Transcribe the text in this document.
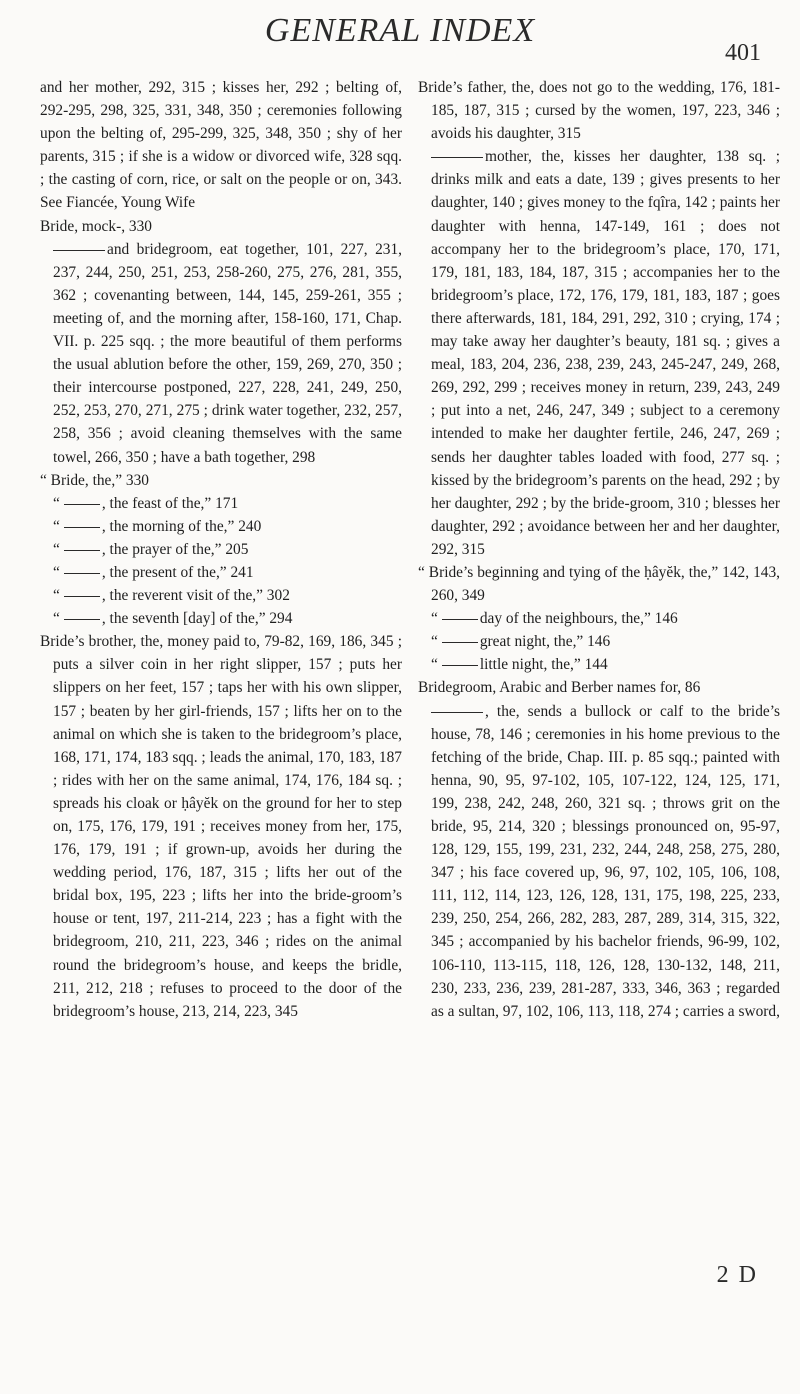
GENERAL INDEX
401

and her mother, 292, 315 ; kisses her, 292 ; belting of, 292-295, 298, 325, 331, 348, 350 ; ceremonies following upon the belting of, 295-299, 325, 348, 350 ; shy of her parents, 315 ; if she is a widow or divorced wife, 328 sqq. ; the casting of corn, rice, or salt on the people or on, 343. See Fiancée, Young Wife

Bride, mock-, 330

and bridegroom, eat together, 101, 227, 231, 237, 244, 250, 251, 253, 258-260, 275, 276, 281, 355, 362 ; covenanting between, 144, 145, 259-261, 355 ; meeting of, and the morning after, 158-160, 171, Chap. VII. p. 225 sqq. ; the more beautiful of them performs the usual ablution before the other, 159, 269, 270, 350 ; their intercourse postponed, 227, 228, 241, 249, 250, 252, 253, 270, 271, 275 ; drink water together, 232, 257, 258, 356 ; avoid cleaning themselves with the same towel, 266, 350 ; have a bath together, 298

“ Bride, the,” 330

“	, the feast of the,” 171

“	, the morning of the,” 240

“	, the prayer of the,” 205

“	, the present of the,” 241

“	, the reverent visit of the,” 302

“	, the seventh [day] of the,” 294

Bride’s brother, the, money paid to, 79-82, 169, 186, 345 ; puts a silver coin in her right slipper, 157 ; puts her slippers on her feet, 157 ; taps her with his own slipper, 157 ; beaten by her girl-friends, 157 ; lifts her on to the animal on which she is taken to the bridegroom’s place, 168, 171, 174, 183 sqq. ; leads the animal, 170, 183, 187 ; rides with her on the same animal, 174, 176, 184 sq. ; spreads his cloak or ḥâyĕk on the ground for her to step on, 175, 176, 179, 191 ; receives money from her, 175, 176, 179, 191 ; if grown-up, avoids her during the wedding period, 176, 187, 315 ; lifts her out of the bridal box, 195, 223 ; lifts her into the bride-groom’s house or tent, 197, 211-214, 223 ; has a fight with the bridegroom, 210, 211, 223, 346 ; rides on the animal round the bridegroom’s house, and keeps the bridle, 211, 212, 218 ; refuses to proceed to the door of the bridegroom’s house, 213, 214, 223, 345

Bride’s father, the, does not go to the wedding, 176, 181-185, 187, 315 ; cursed by the women, 197, 223, 346 ; avoids his daughter, 315

mother, the, kisses her daughter, 138 sq. ; drinks milk and eats a date, 139 ; gives presents to her daughter, 140 ; gives money to the fqîra, 142 ; paints her daughter with henna, 147-149, 161 ; does not accompany her to the bridegroom’s place, 170, 171, 179, 181, 183, 184, 187, 315 ; accompanies her to the bridegroom’s place, 172, 176, 179, 181, 183, 187 ; goes there afterwards, 181, 184, 291, 292, 310 ; crying, 174 ; may take away her daughter’s beauty, 181 sq. ; gives a meal, 183, 204, 236, 238, 239, 243, 245-247, 249, 268, 269, 292, 299 ; receives money in return, 239, 243, 249 ; put into a net, 246, 247, 349 ; subject to a ceremony intended to make her daughter fertile, 246, 247, 269 ; sends her daughter tables loaded with food, 277 sq. ; kissed by the bridegroom’s parents on the head, 292 ; by her daughter, 292 ; by the bride-groom, 310 ; blesses her daughter, 292 ; avoidance between her and her daughter, 292, 315

“ Bride’s beginning and tying of the ḥâyĕk, the,” 142, 143, 260, 349

“	day of the neighbours, the,” 146

“	great night, the,” 146

“	little night, the,” 144

Bridegroom, Arabic and Berber names for, 86

, the, sends a bullock or calf to the bride’s house, 78, 146 ; ceremonies in his home previous to the fetching of the bride, Chap. III. p. 85 sqq.; painted with henna, 90, 95, 97-102, 105, 107-122, 124, 125, 171, 199, 238, 242, 248, 260, 321 sq. ; throws grit on the bride, 95, 214, 320 ; blessings pronounced on, 95-97, 128, 129, 155, 199, 231, 232, 244, 248, 258, 275, 280, 347 ; his face covered up, 96, 97, 102, 105, 106, 108, 111, 112, 114, 123, 126, 128, 131, 175, 198, 225, 233, 239, 250, 254, 266, 282, 283, 287, 289, 314, 315, 322, 345 ; accompanied by his bachelor friends, 96-99, 102, 106-110, 113-115, 118, 126, 128, 130-132, 148, 211, 230, 233, 236, 239, 281-287, 333, 346, 363 ; regarded as a sultan, 97, 102, 106, 113, 118, 274 ; carries a sword,

2 D
